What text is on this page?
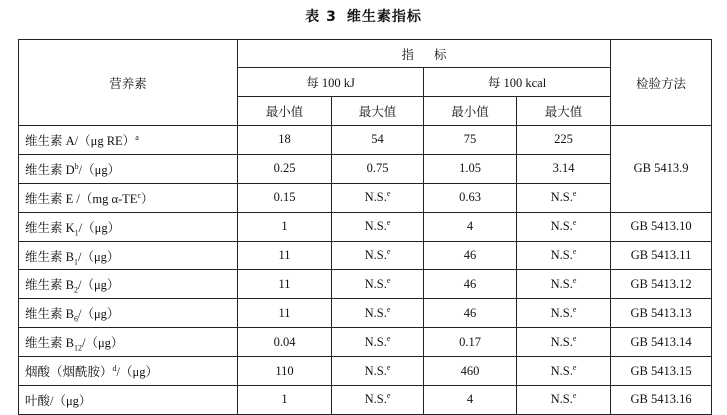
表 3 维生素指标
营养素	指标				检验方法
	每 100 kJ		每 100 kcal		
	最小值	最大值	最小值	最大值	
维生素 A/（μg RE）$^a$	18	54	75	225	GB 5413.9
维生素 $D^b/(\mu g)$	0.25	0.75	1.05	3.14	
维生素 E /（mg $\alpha-TE^c$）	0.15	N.S.$^e$	0.63	N.S.$^e$
维生素 $K_1/(\mu g)$	1	N.S.$^e$	4	N.S.$^e$	GB 5413.10
维生素 $B_1/(\mu g)$	11	N.S.$^e$	46	N.S.$^e$	GB 5413.11
维生素 $B_2/(\mu g)$	11	N.S.$^e$	46	N.S.$^e$	GB 5413.12
维生素 $B_6/(\mu g)$	11	N.S.$^e$	46	N.S.$^e$	GB 5413.13
维生素 $B_{12}/(\mu g)$	0.04	N.S.$^e$	0.17	N.S.$^e$	GB 5413.14
烟酸（烟酰胺）$^d$/（μg）	110	N.S.$^e$	460	N.S.$^e$	GB 5413.15
叶酸/（μg）	1	N.S.$^e$	4	N.S.$^e$	GB 5413.16
